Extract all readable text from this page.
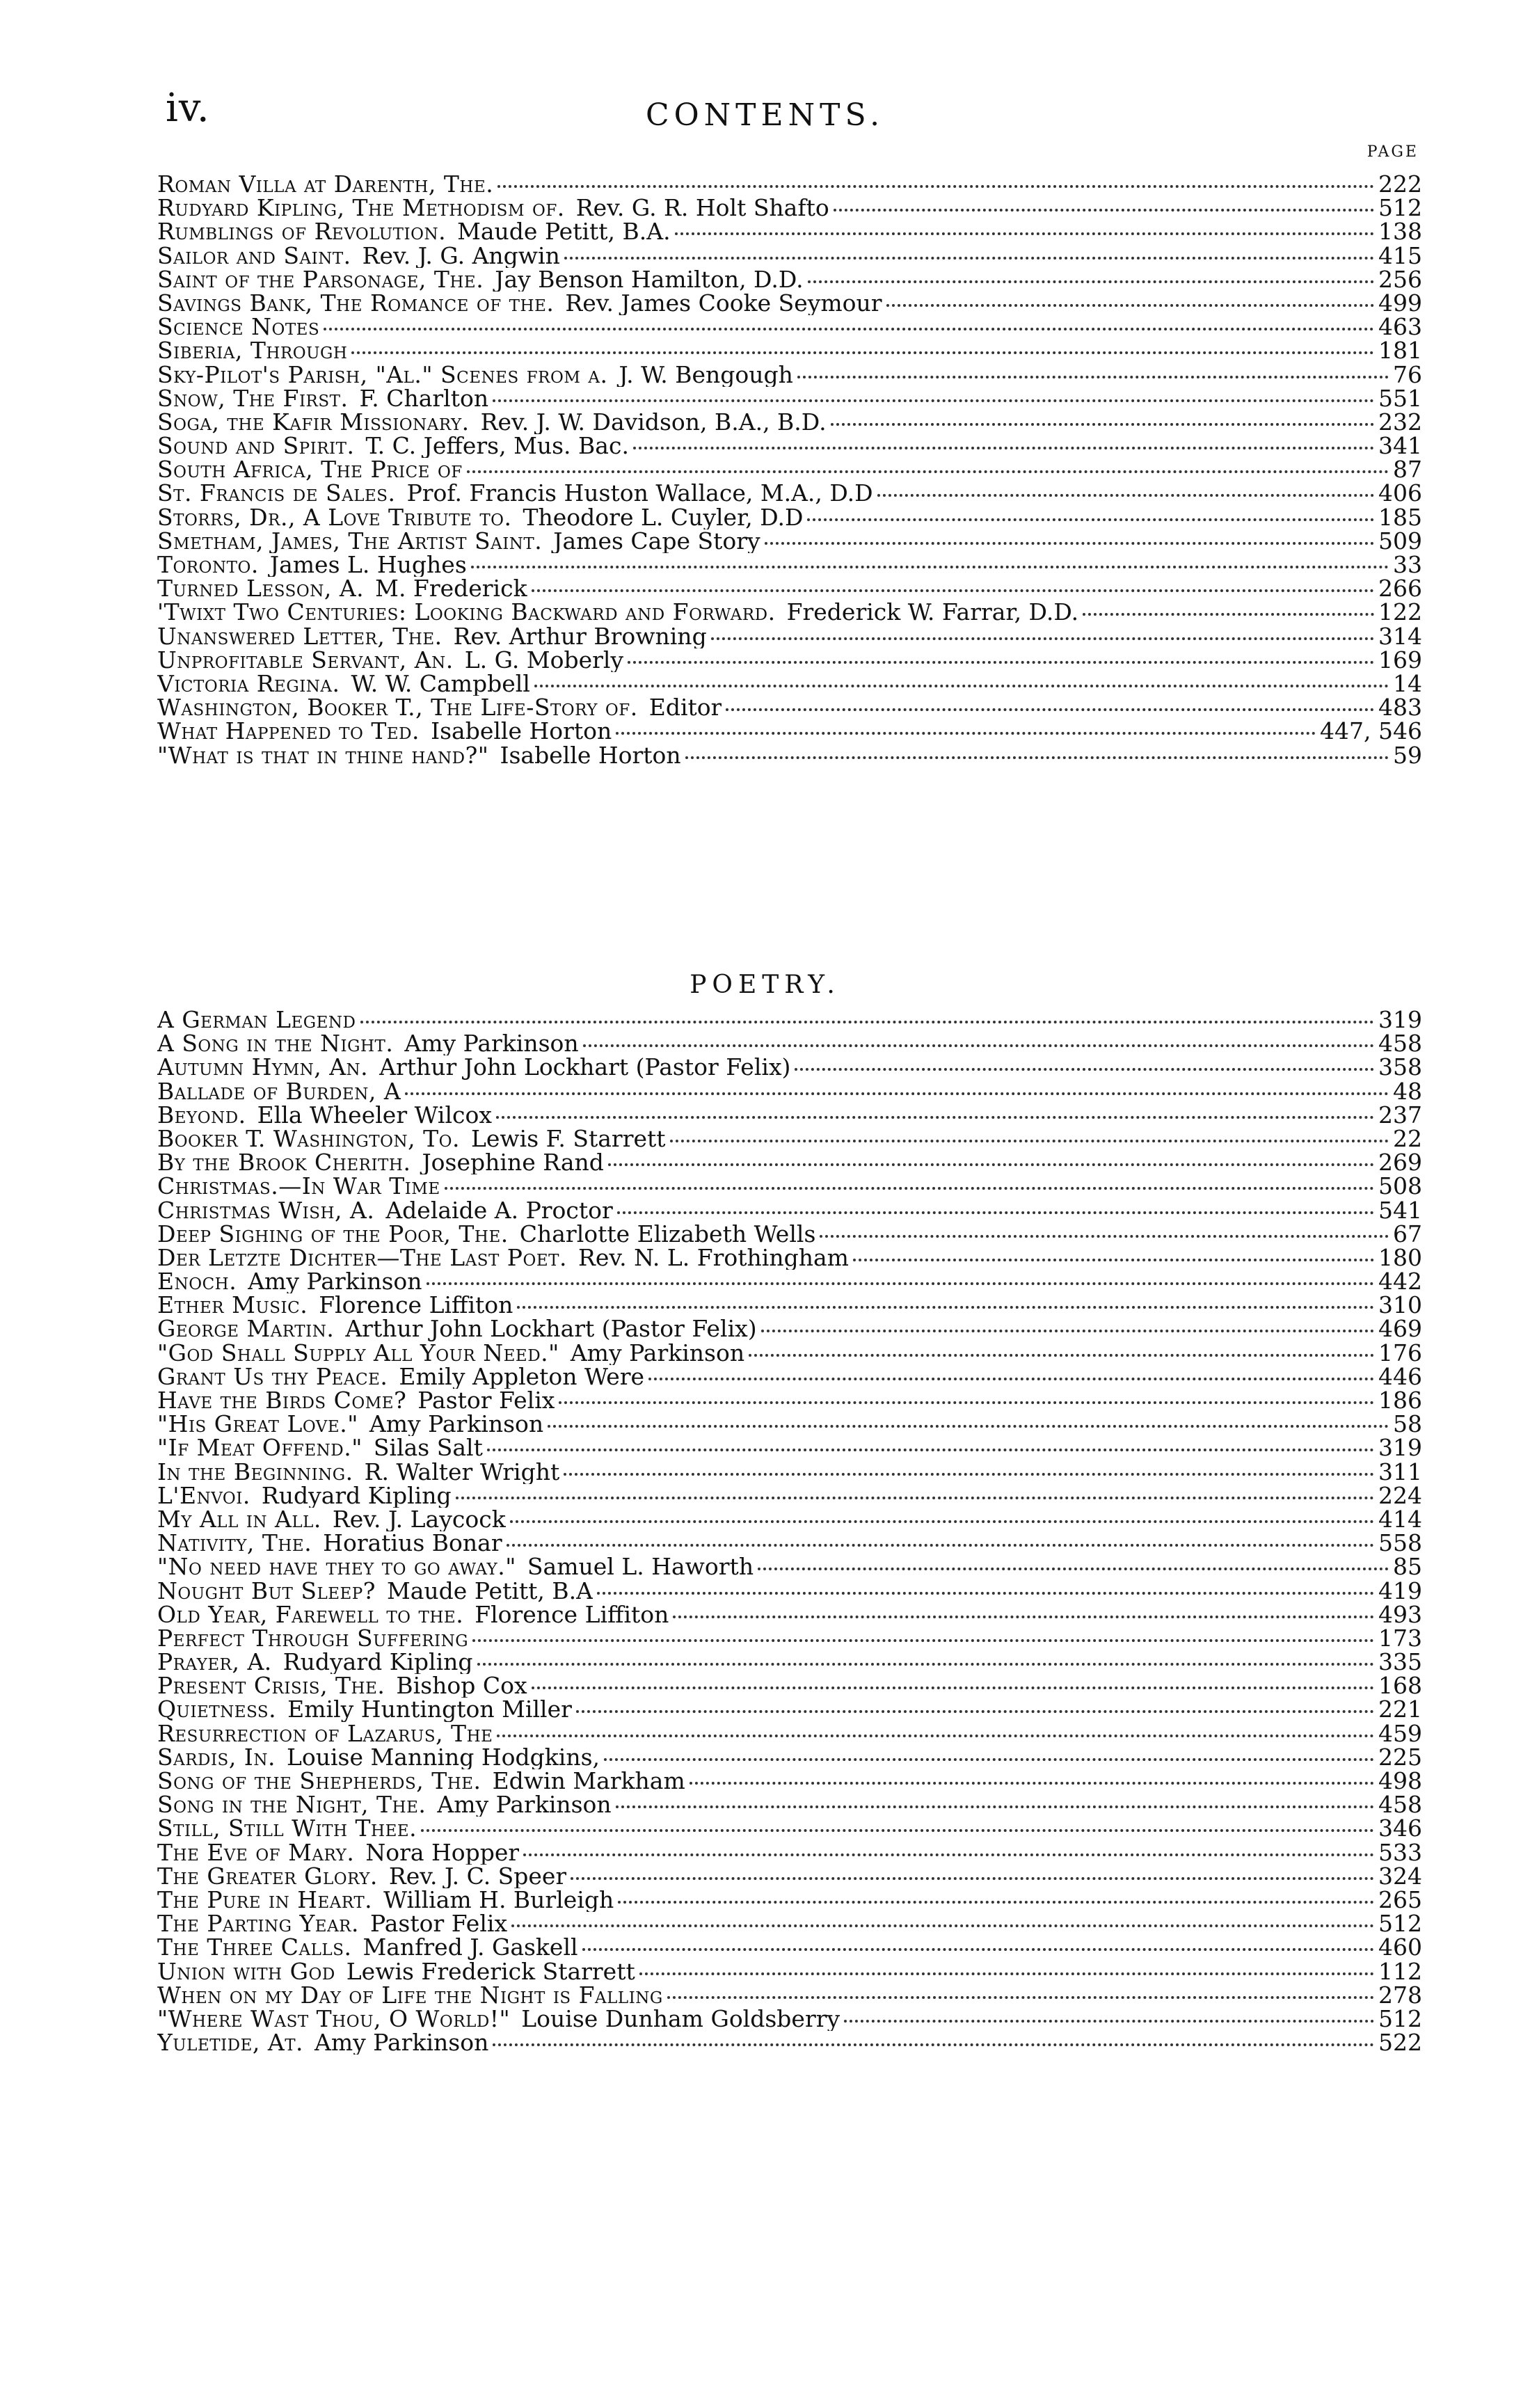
iv.	CONTENTS.
PAGE
Roman Villa at Darenth, The.	222
Rudyard Kipling, The Methodism of. Rev. G. R. Holt Shafto	512
Rumblings of Revolution. Maude Petitt, B.A.	138
Sailor and Saint. Rev. J. G. Angwin	415
Saint of the Parsonage, The. Jay Benson Hamilton, D.D.	256
Savings Bank, The Romance of the. Rev. James Cooke Seymour	499
Science Notes	463
Siberia, Through	181
Sky-Pilot's Parish, "Al." Scenes from a. J. W. Bengough	76
Snow, The First. F. Charlton	551
Soga, the Kafir Missionary. Rev. J. W. Davidson, B.A., B.D.	232
Sound and Spirit. T. C. Jeffers, Mus. Bac.	341
South Africa, The Price of	87
St. Francis de Sales. Prof. Francis Huston Wallace, M.A., D.D	406
Storrs, Dr., A Love Tribute to. Theodore L. Cuyler, D.D	185
Smetham, James, The Artist Saint. James Cape Story	509
Toronto. James L. Hughes	33
Turned Lesson, A. M. Frederick	266
'Twixt Two Centuries: Looking Backward and Forward. Frederick W. Farrar, D.D.	122
Unanswered Letter, The. Rev. Arthur Browning	314
Unprofitable Servant, An. L. G. Moberly	169
Victoria Regina. W. W. Campbell	14
Washington, Booker T., The Life-Story of. Editor	483
What Happened to Ted. Isabelle Horton	447, 546
"What is that in thine hand?" Isabelle Horton	59
POETRY.
A German Legend	319
A Song in the Night. Amy Parkinson	458
Autumn Hymn, An. Arthur John Lockhart (Pastor Felix)	358
Ballade of Burden, A	48
Beyond. Ella Wheeler Wilcox	237
Booker T. Washington, To. Lewis F. Starrett	22
By the Brook Cherith. Josephine Rand	269
Christmas.—In War Time	508
Christmas Wish, A. Adelaide A. Proctor	541
Deep Sighing of the Poor, The. Charlotte Elizabeth Wells	67
Der Letzte Dichter—The Last Poet. Rev. N. L. Frothingham	180
Enoch. Amy Parkinson	442
Ether Music. Florence Liffiton	310
George Martin. Arthur John Lockhart (Pastor Felix)	469
"God Shall Supply All Your Need." Amy Parkinson	176
Grant Us thy Peace. Emily Appleton Were	446
Have the Birds Come? Pastor Felix	186
"His Great Love." Amy Parkinson	58
"If Meat Offend." Silas Salt	319
In the Beginning. R. Walter Wright	311
L'Envoi. Rudyard Kipling	224
My All in All. Rev. J. Laycock	414
Nativity, The. Horatius Bonar	558
"No need have they to go away." Samuel L. Haworth	85
Nought But Sleep? Maude Petitt, B.A	419
Old Year, Farewell to the. Florence Liffiton	493
Perfect Through Suffering	173
Prayer, A. Rudyard Kipling	335
Present Crisis, The. Bishop Cox	168
Quietness. Emily Huntington Miller	221
Resurrection of Lazarus, The	459
Sardis, In. Louise Manning Hodgkins,	225
Song of the Shepherds, The. Edwin Markham	498
Song in the Night, The. Amy Parkinson	458
Still, Still With Thee.	346
The Eve of Mary. Nora Hopper	533
The Greater Glory. Rev. J. C. Speer	324
The Pure in Heart. William H. Burleigh	265
The Parting Year. Pastor Felix	512
The Three Calls. Manfred J. Gaskell	460
Union with God Lewis Frederick Starrett	112
When on my Day of Life the Night is Falling	278
"Where Wast Thou, O World!" Louise Dunham Goldsberry	512
Yuletide, At. Amy Parkinson	522
